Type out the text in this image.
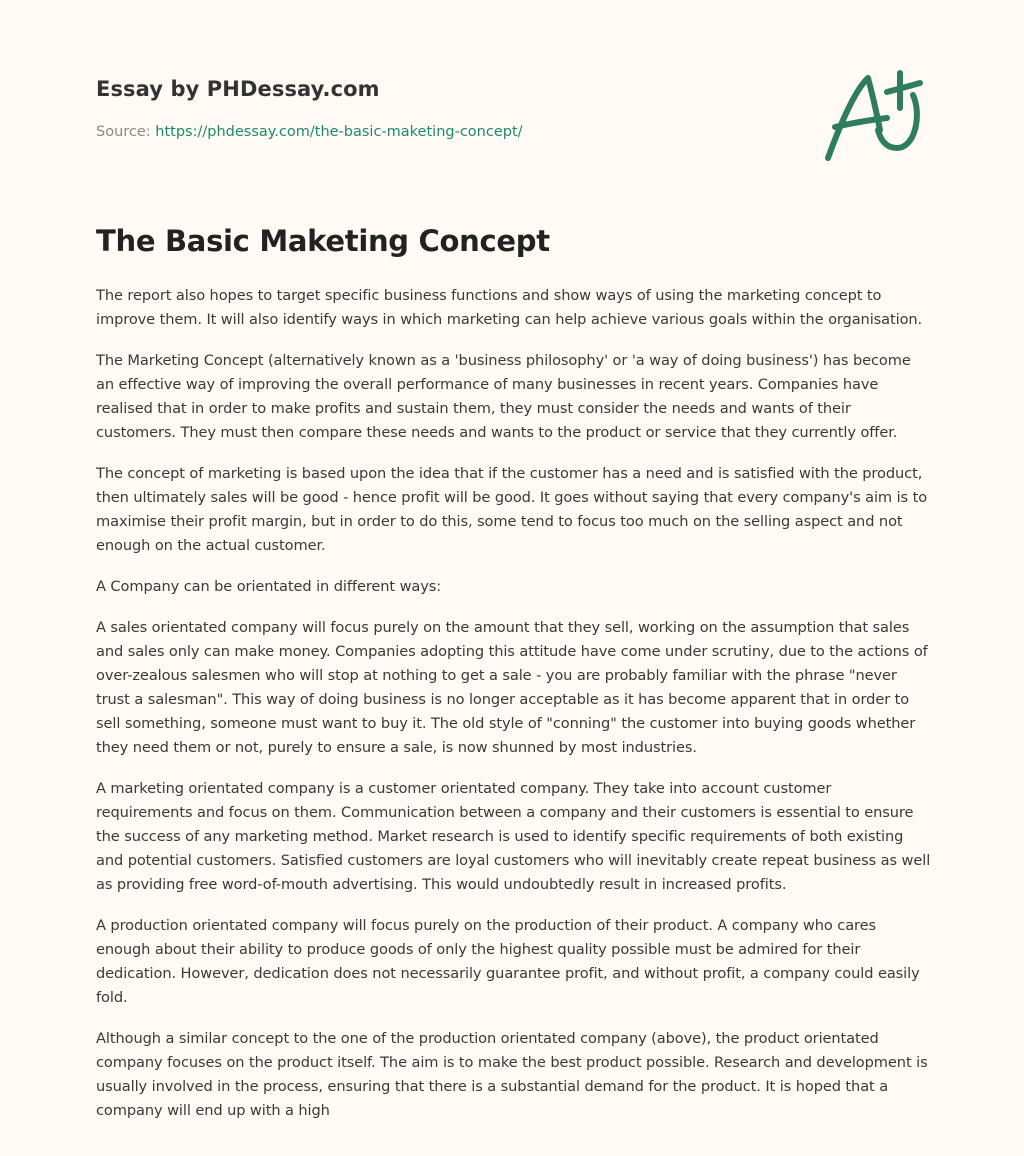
Essay by PHDessay.com
Source: https://phdessay.com/the-basic-maketing-concept/
The Basic Maketing Concept

The report also hopes to target specific business functions and show ways of using the marketing concept to improve them. It will also identify ways in which marketing can help achieve various goals within the organisation.

The Marketing Concept (alternatively known as a 'business philosophy' or 'a way of doing business') has become an effective way of improving the overall performance of many businesses in recent years. Companies have realised that in order to make profits and sustain them, they must consider the needs and wants of their customers. They must then compare these needs and wants to the product or service that they currently offer.

The concept of marketing is based upon the idea that if the customer has a need and is satisfied with the product, then ultimately sales will be good - hence profit will be good. It goes without saying that every company's aim is to maximise their profit margin, but in order to do this, some tend to focus too much on the selling aspect and not enough on the actual customer.

A Company can be orientated in different ways:

A sales orientated company will focus purely on the amount that they sell, working on the assumption that sales and sales only can make money. Companies adopting this attitude have come under scrutiny, due to the actions of over-zealous salesmen who will stop at nothing to get a sale - you are probably familiar with the phrase "never trust a salesman". This way of doing business is no longer acceptable as it has become apparent that in order to sell something, someone must want to buy it. The old style of "conning" the customer into buying goods whether they need them or not, purely to ensure a sale, is now shunned by most industries.

A marketing orientated company is a customer orientated company. They take into account customer requirements and focus on them. Communication between a company and their customers is essential to ensure the success of any marketing method. Market research is used to identify specific requirements of both existing and potential customers. Satisfied customers are loyal customers who will inevitably create repeat business as well as providing free word-of-mouth advertising. This would undoubtedly result in increased profits.

A production orientated company will focus purely on the production of their product. A company who cares enough about their ability to produce goods of only the highest quality possible must be admired for their dedication. However, dedication does not necessarily guarantee profit, and without profit, a company could easily fold.

Although a similar concept to the one of the production orientated company (above), the product orientated company focuses on the product itself. The aim is to make the best product possible. Research and development is usually involved in the process, ensuring that there is a substantial demand for the product. It is hoped that a company will end up with a high
